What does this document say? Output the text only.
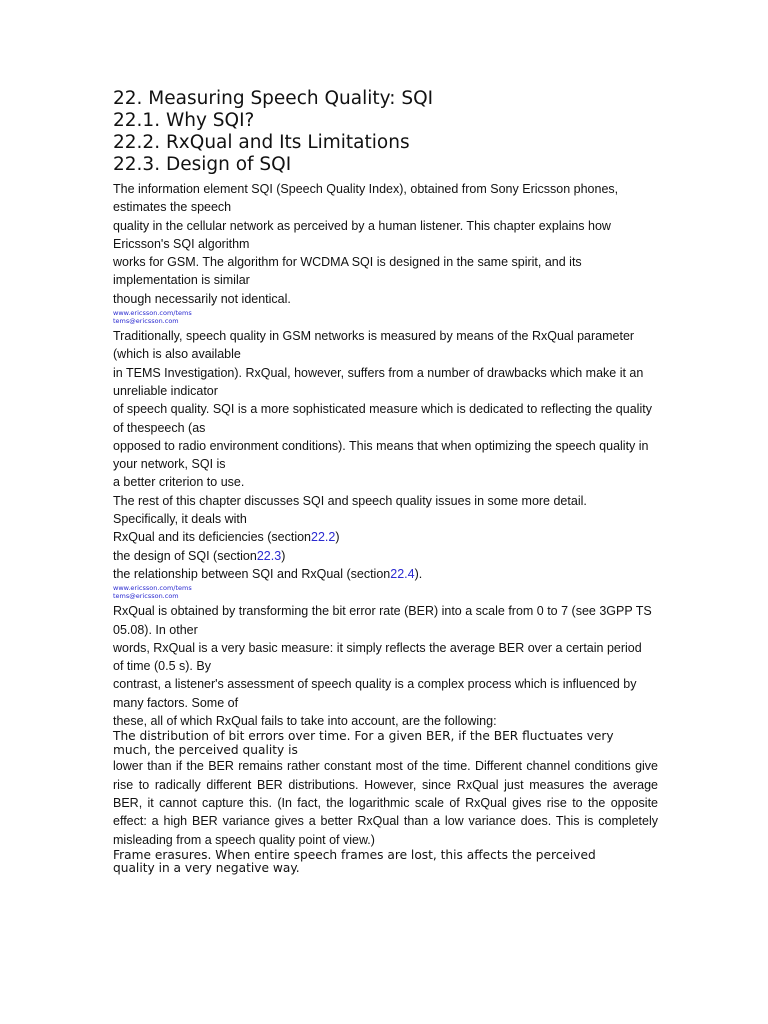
22. Measuring Speech Quality: SQI
22.1. Why SQI?
22.2. RxQual and Its Limitations
22.3. Design of SQI

The information element SQI (Speech Quality Index), obtained from Sony Ericsson phones,

estimates the speech

quality in the cellular network as perceived by a human listener. This chapter explains how

Ericsson's SQI algorithm

works for GSM. The algorithm for WCDMA SQI is designed in the same spirit, and its

implementation is similar

though necessarily not identical.

www.ericsson.com/tems
tems@ericsson.com

Traditionally, speech quality in GSM networks is measured by means of the RxQual parameter

(which is also available

in TEMS Investigation). RxQual, however, suffers from a number of drawbacks which make it an

unreliable indicator

of speech quality. SQI is a more sophisticated measure which is dedicated to reflecting the quality

of thespeech (as

opposed to radio environment conditions). This means that when optimizing the speech quality in

your network, SQI is

a better criterion to use.

The rest of this chapter discusses SQI and speech quality issues in some more detail.

Specifically, it deals with

RxQual and its deficiencies (section22.2)

the design of SQI (section22.3)

the relationship between SQI and RxQual (section22.4).

www.ericsson.com/tems
tems@ericsson.com

RxQual is obtained by transforming the bit error rate (BER) into a scale from 0 to 7 (see 3GPP TS

05.08). In other

words, RxQual is a very basic measure: it simply reflects the average BER over a certain period

of time (0.5 s). By

contrast, a listener's assessment of speech quality is a complex process which is influenced by

many factors. Some of

these, all of which RxQual fails to take into account, are the following:

The distribution of bit errors over time. For a given BER, if the BER fluctuates very

much, the perceived quality is

lower than if the BER remains rather constant most of the time. Different channel conditions give

rise to radically different BER distributions. However, since RxQual just measures the average

BER, it cannot capture this. (In fact, the logarithmic scale of RxQual gives rise to the opposite

effect: a high BER variance gives a better RxQual than a low variance does. This is completely

misleading from a speech quality point of view.)

Frame erasures. When entire speech frames are lost, this affects the perceived

quality in a very negative way.
